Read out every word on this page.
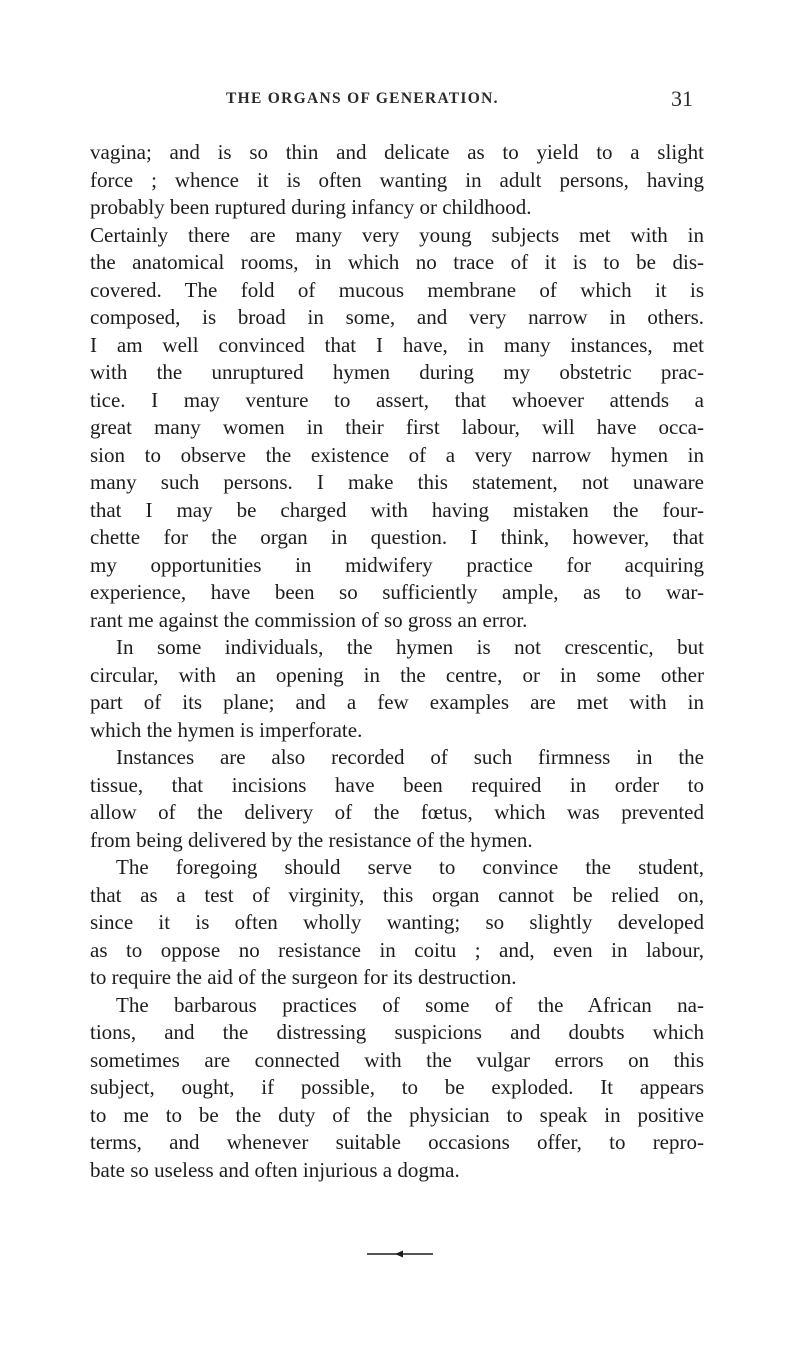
THE ORGANS OF GENERATION.	31
vagina; and is so thin and delicate as to yield to a slight
force ; whence it is often wanting in adult persons, having
probably been ruptured during infancy or childhood.
Certainly there are many very young subjects met with in
the anatomical rooms, in which no trace of it is to be dis-
covered. The fold of mucous membrane of which it is
composed, is broad in some, and very narrow in others.
I am well convinced that I have, in many instances, met
with the unruptured hymen during my obstetric prac-
tice. I may venture to assert, that whoever attends a
great many women in their first labour, will have occa-
sion to observe the existence of a very narrow hymen in
many such persons. I make this statement, not unaware
that I may be charged with having mistaken the four-
chette for the organ in question. I think, however, that
my opportunities in midwifery practice for acquiring
experience, have been so sufficiently ample, as to war-
rant me against the commission of so gross an error.
In some individuals, the hymen is not crescentic, but
circular, with an opening in the centre, or in some other
part of its plane; and a few examples are met with in
which the hymen is imperforate.
Instances are also recorded of such firmness in the
tissue, that incisions have been required in order to
allow of the delivery of the fœtus, which was prevented
from being delivered by the resistance of the hymen.
The foregoing should serve to convince the student,
that as a test of virginity, this organ cannot be relied on,
since it is often wholly wanting; so slightly developed
as to oppose no resistance in coitu ; and, even in labour,
to require the aid of the surgeon for its destruction.
The barbarous practices of some of the African na-
tions, and the distressing suspicions and doubts which
sometimes are connected with the vulgar errors on this
subject, ought, if possible, to be exploded. It appears
to me to be the duty of the physician to speak in positive
terms, and whenever suitable occasions offer, to repro-
bate so useless and often injurious a dogma.
